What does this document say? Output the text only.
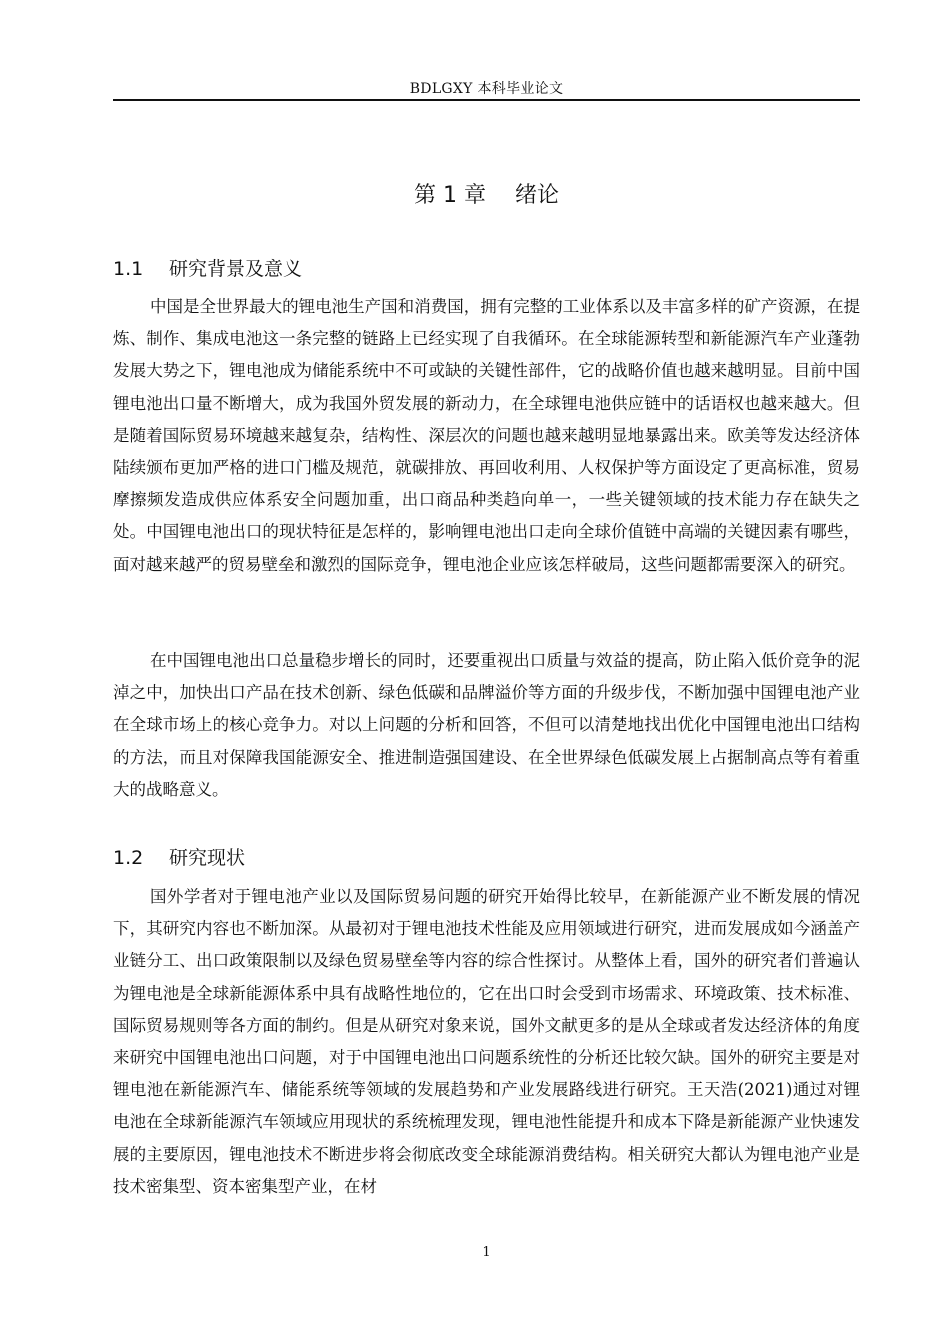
BDLGXY 本科毕业论文
第 1 章　 绪论
1.1 研究背景及意义

中国是全世界最大的锂电池生产国和消费国，拥有完整的工业体系以及丰富多样的矿产资源，在提炼、制作、集成电池这一条完整的链路上已经实现了自我循环。在全球能源转型和新能源汽车产业蓬勃发展大势之下，锂电池成为储能系统中不可或缺的关键性部件，它的战略价值也越来越明显。目前中国锂电池出口量不断增大，成为我国外贸发展的新动力，在全球锂电池供应链中的话语权也越来越大。但是随着国际贸易环境越来越复杂，结构性、深层次的问题也越来越明显地暴露出来。欧美等发达经济体陆续颁布更加严格的进口门槛及规范，就碳排放、再回收利用、人权保护等方面设定了更高标准，贸易摩擦频发造成供应体系安全问题加重，出口商品种类趋向单一，一些关键领域的技术能力存在缺失之处。中国锂电池出口的现状特征是怎样的，影响锂电池出口走向全球价值链中高端的关键因素有哪些，面对越来越严的贸易壁垒和激烈的国际竞争，锂电池企业应该怎样破局，这些问题都需要深入的研究。

在中国锂电池出口总量稳步增长的同时，还要重视出口质量与效益的提高，防止陷入低价竞争的泥淖之中，加快出口产品在技术创新、绿色低碳和品牌溢价等方面的升级步伐，不断加强中国锂电池产业在全球市场上的核心竞争力。对以上问题的分析和回答，不但可以清楚地找出优化中国锂电池出口结构的方法，而且对保障我国能源安全、推进制造强国建设、在全世界绿色低碳发展上占据制高点等有着重大的战略意义。

1.2 研究现状

国外学者对于锂电池产业以及国际贸易问题的研究开始得比较早，在新能源产业不断发展的情况下，其研究内容也不断加深。从最初对于锂电池技术性能及应用领域进行研究，进而发展成如今涵盖产业链分工、出口政策限制以及绿色贸易壁垒等内容的综合性探讨。从整体上看，国外的研究者们普遍认为锂电池是全球新能源体系中具有战略性地位的，它在出口时会受到市场需求、环境政策、技术标准、国际贸易规则等各方面的制约。但是从研究对象来说，国外文献更多的是从全球或者发达经济体的角度来研究中国锂电池出口问题，对于中国锂电池出口问题系统性的分析还比较欠缺。国外的研究主要是对锂电池在新能源汽车、储能系统等领域的发展趋势和产业发展路线进行研究。王天浩(2021)通过对锂电池在全球新能源汽车领域应用现状的系统梳理发现，锂电池性能提升和成本下降是新能源产业快速发展的主要原因，锂电池技术不断进步将会彻底改变全球能源消费结构。相关研究大都认为锂电池产业是技术密集型、资本密集型产业，在材

1
